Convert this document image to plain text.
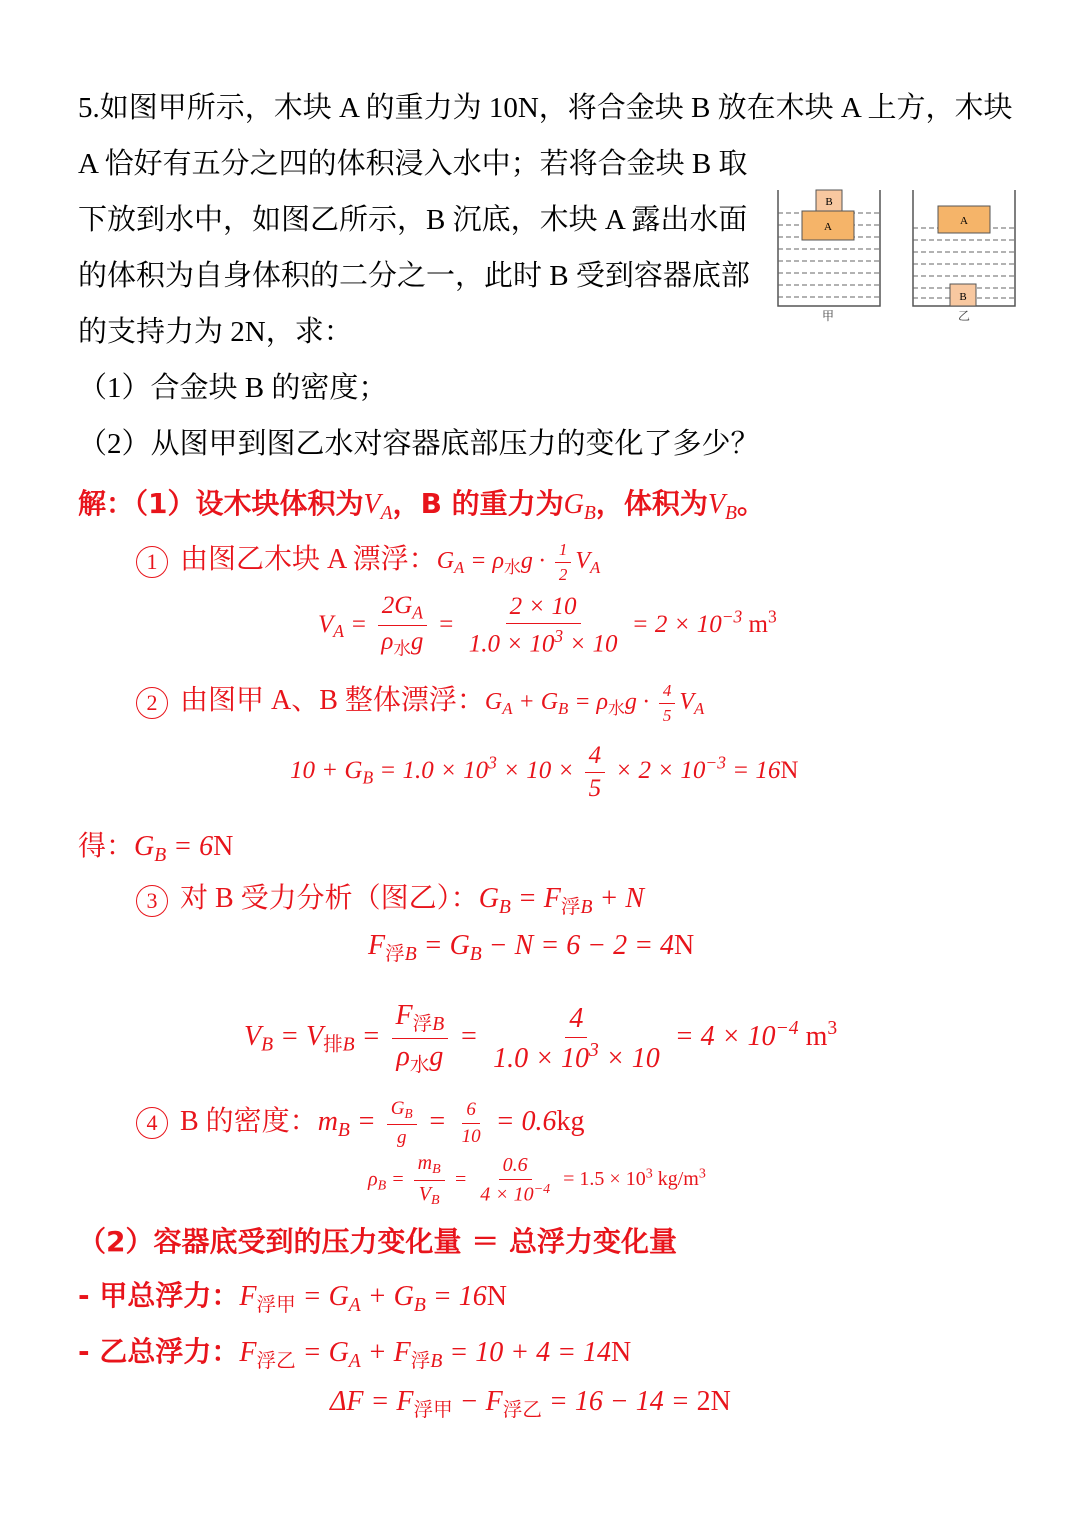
5.如图甲所示，木块 A 的重力为 10N，将合金块 B 放在木块 A 上方，木块
A 恰好有五分之四的体积浸入水中；若将合金块 B 取
下放到水中，如图乙所示，B 沉底，木块 A 露出水面
的体积为自身体积的二分之一，此时 B 受到容器底部
的支持力为 2N，求：
（1）合金块 B 的密度；
（2）从图甲到图乙水对容器底部压力的变化了多少？
A
B
甲
A
B
乙
解：（1）设木块体积为$V_A$，B 的重力为$G_B$，体积为$V_B$。
1 由图乙木块 A 漂浮：$G_A = \rho_水g \cdot \frac{1}{2} V_A$
$V_A = \frac{2G_A}{\rho_水g} = \frac{2 \times 10}{1.0 \times 10^3 \times 10} = 2 \times 10^{-3}$ $m^3$
2 由图甲 A、B 整体漂浮：$G_A + G_B = \rho_水g \cdot \frac{4}{5} V_A$
$10 + G_B = 1.0 \times 10^3 \times 10 \times \frac{4}{5} \times 2 \times 10^{-3} = 16N$
得：$G_B = 6N$
3 对 B 受力分析（图乙）：$G_B = F_{浮B} + N$
$F_{浮B} = G_B - N = 6 - 2 = 4N$
$V_B = V_{排B} = \frac{F_{浮B}}{\rho_水g} = \frac{4}{1.0 \times 10^3 \times 10} = 4 \times 10^{-4}$ $m^3$
4 B 的密度：$m_B = \frac{G_B}{g} = \frac{6}{10} = 0.6kg$
$\rho_B = \frac{m_B}{V_B} = \frac{0.6}{4 \times 10^{-4}} = 1.5 \times 10^3$ $kg/m^3$
（2）容器底受到的压力变化量 ＝ 总浮力变化量
- 甲总浮力：$F_{浮甲} = G_A + G_B = 16N$
- 乙总浮力：$F_{浮乙} = G_A + F_{浮B} = 10 + 4 = 14N$
$\Delta F = F_{浮甲} - F_{浮乙} = 16 - 14 = 2N$
